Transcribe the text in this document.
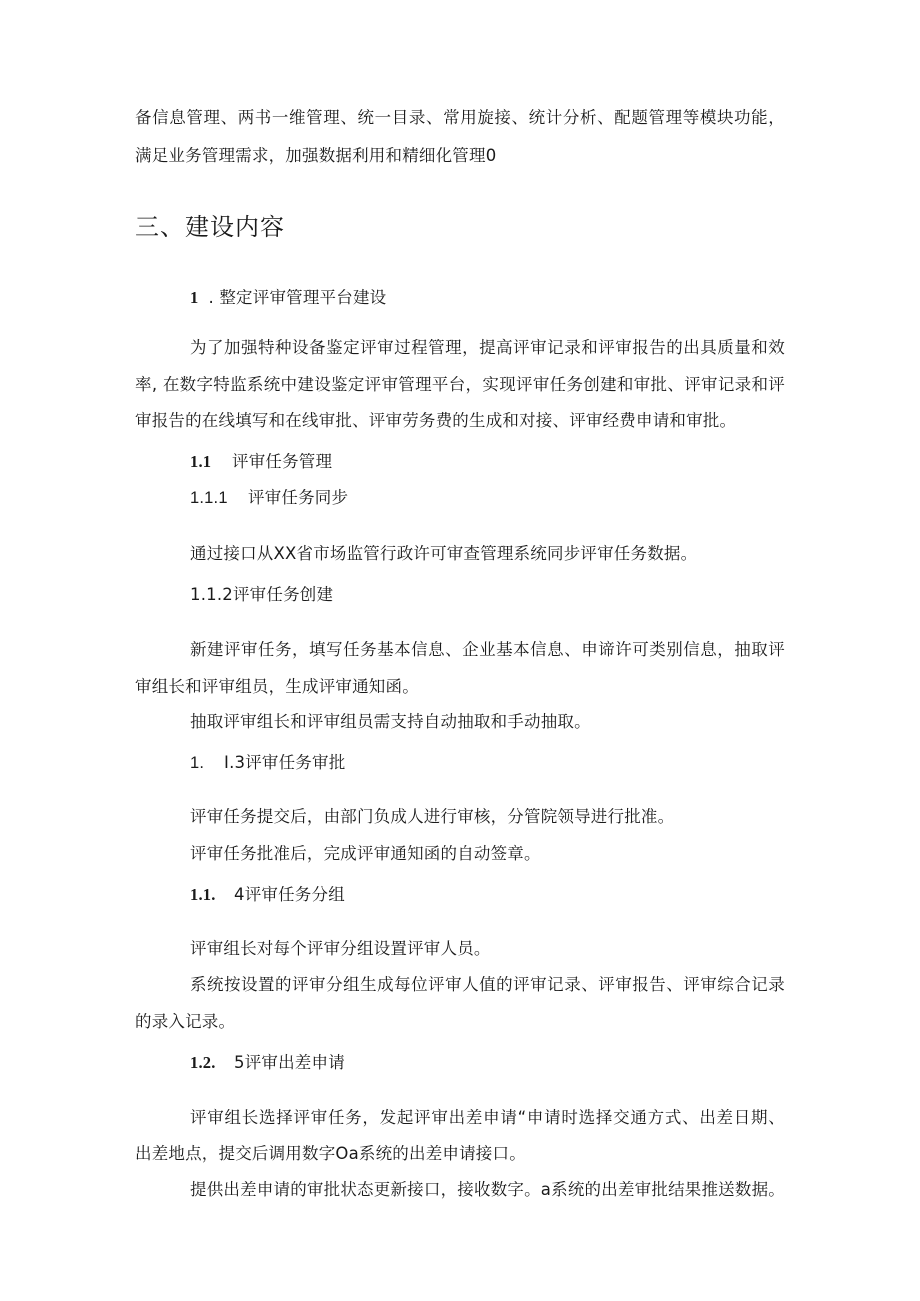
备信息管理、两书一维管理、统一目录、常用旋接、统计分析、配题管理等模块功能，
满足业务管理需求，加强数据利用和精细化管理0
三、建设内容
1 . 整定评审管理平台建设
为了加强特种设备鉴定评审过程管理，提高评审记录和评审报告的出具质量和效
率, 在数字特监系统中建设鉴定评审管理平台，实现评审任务创建和审批、评审记录和评
审报告的在线填写和在线审批、评审劳务费的生成和对接、评审经费申请和审批。
1.1 评审任务管理
1.1.1 评审任务同步
通过接口从XX省市场监管行政许可审查管理系统同步评审任务数据。
1.1.2评审任务创建
新建评审任务，填写任务基本信息、企业基本信息、申谛许可类别信息，抽取评
审组长和评审组员，生成评审通知函。
抽取评审组长和评审组员需支持自动抽取和手动抽取。
1. I.3评审任务审批
评审任务提交后，由部门负成人进行审核，分管院领导进行批准。
评审任务批准后，完成评审通知函的自动签章。
1.1. 4评审任务分组
评审组长对每个评审分组设置评审人员。
系统按设置的评审分组生成每位评审人值的评审记录、评审报告、评审综合记录
的录入记录。
1.2. 5评审出差申请
评审组长选择评审任务，发起评审出差申请“申请时选择交通方式、出差日期、
出差地点，提交后调用数字Oa系统的出差申请接口。
提供出差申请的审批状态更新接口，接收数字。a系统的出差审批结果推送数据。
